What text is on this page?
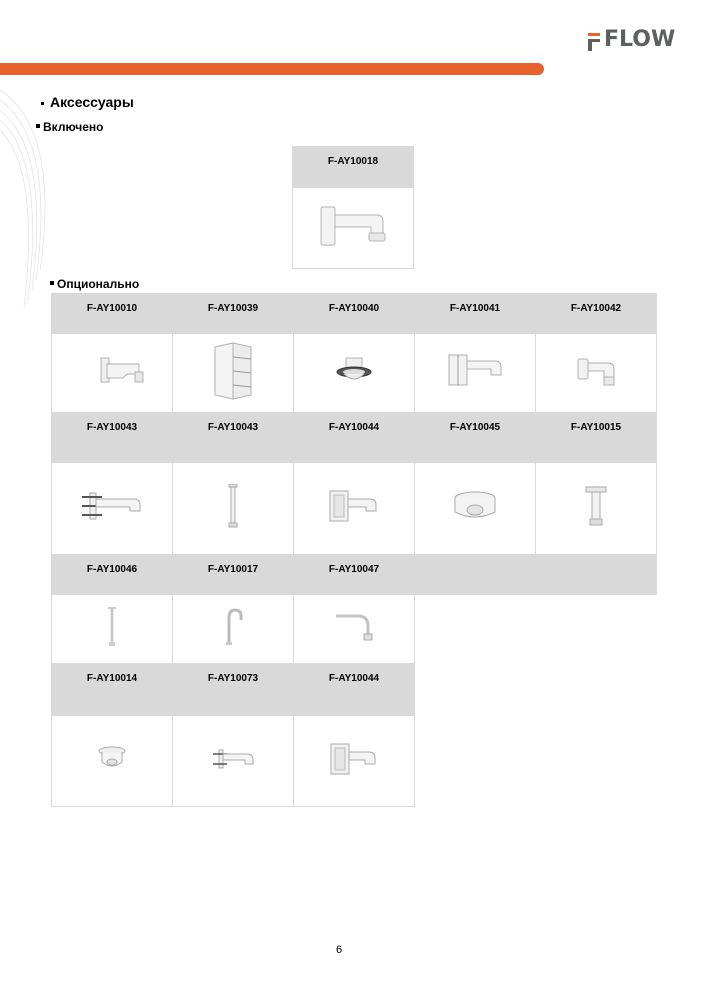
FLOW
Аксессуары
Включено
F-AY10018

Опционально
F-AY10010	F-AY10039	F-AY10040	F-AY10041	F-AY10042

F-AY10043	F-AY10043	F-AY10044	F-AY10045	F-AY10015

F-AY10046	F-AY10017	F-AY10047		

F-AY10014	F-AY10073	F-AY10044		

6
